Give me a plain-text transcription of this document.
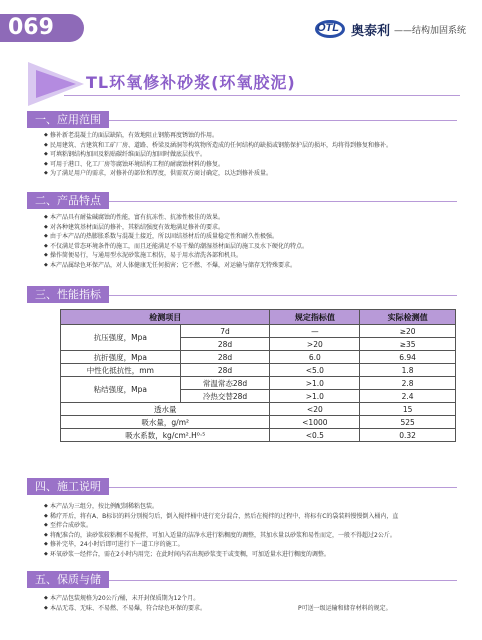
069	OTL 奥泰利 ——结构加固系统
TL环氧修补砂浆(环氧胶泥)
一、应用范围
◆ 修补新老混凝土的面层缺陷，有效地阻止钢筋再度锈蚀的作用。
◆ 民用建筑、古建筑和工矿厂房、道路、桥梁及涵洞等构筑物所造成的任何结构的缺损或钢筋保护层的损坏，均将得到修复和修补。
◆ 可填粘钢结构加固及粘贴碳纤维面层的加固时做底层找平。
◆ 可用于港口、化工厂房等腐蚀环境结构工程的耐腐蚀材料的修复。
◆ 为了满足用户的需求，对修补的部位和厚度，供需双方商讨确定，以达到修补质量。
二、产品特点
◆ 本产品具有耐盐碱腐蚀的性能，富有抗冻性、抗渗性极佳的效果。
◆ 对各种建筑基材面层的修补，其粘结强度有效地满足修补的要求。
◆ 由于本产品的热膨胀系数与混凝土接近，所以固结基材后的质量稳定性和耐久性极强。
◆ 不仅满足常态环境条件的施工，而且还能满足不易干燥的潮湿基材面层的施工及水下硬化的特点。
◆ 操作简便易行，与通用型水泥砂浆施工相仿，易于用水清洗各部和机具。
◆ 本产品属绿色环保产品，对人体健康无任何损害；它不燃、不爆，对运输与储存无特殊要求。
三、性能指标
检测项目		规定指标值	实际检测值
抗压强度，Mpa	7d	—	≥20
	28d	>20	≥35
抗折强度，Mpa	28d	6.0	6.94
中性化抵抗性，mm	28d	<5.0	1.8
粘结强度，Mpa	常温常态28d	>1.0	2.8
	冷热交替28d	>1.0	2.4
透水量		<20	15
吸水量，g/m²		<1000	525
吸水系数，kg/cm².H⁰·⁵		<0.5	0.32
四、施工说明
◆ 本产品为三组分，按比例配制稀粘包装。
◆ 稀疗开后，将有A、B标识的料分别搅匀后，倒入搅拌桶中进行充分混合，然后在搅拌的过程中，将标有C的袋装料慢慢倒入桶内，直
◆ 至拌合成砂浆。
◆ 将配准合的，读砂浆较粘稠不易搅拌，可加入适量的洁净水进行粘稠度的调整，其加水量以砂浆和易性而定，一般不得超过2公斤。
◆ 修补完毕，24小时后即可进行下一道工序的施工。
◆ 环氧砂浆一经拌合，需在2小时内用完；在此时间内若出现砂浆变干或变稠，可加适量水进行稠度的调整。
五、保质与储藏 ◆ 本产品包装规格为20公斤/桶，未开封保质期为12个月。
◆ 本品无毒、无味、不易燃、不易爆，符合绿色环保的要求。	P可送一级运输和储存材料的规定。
